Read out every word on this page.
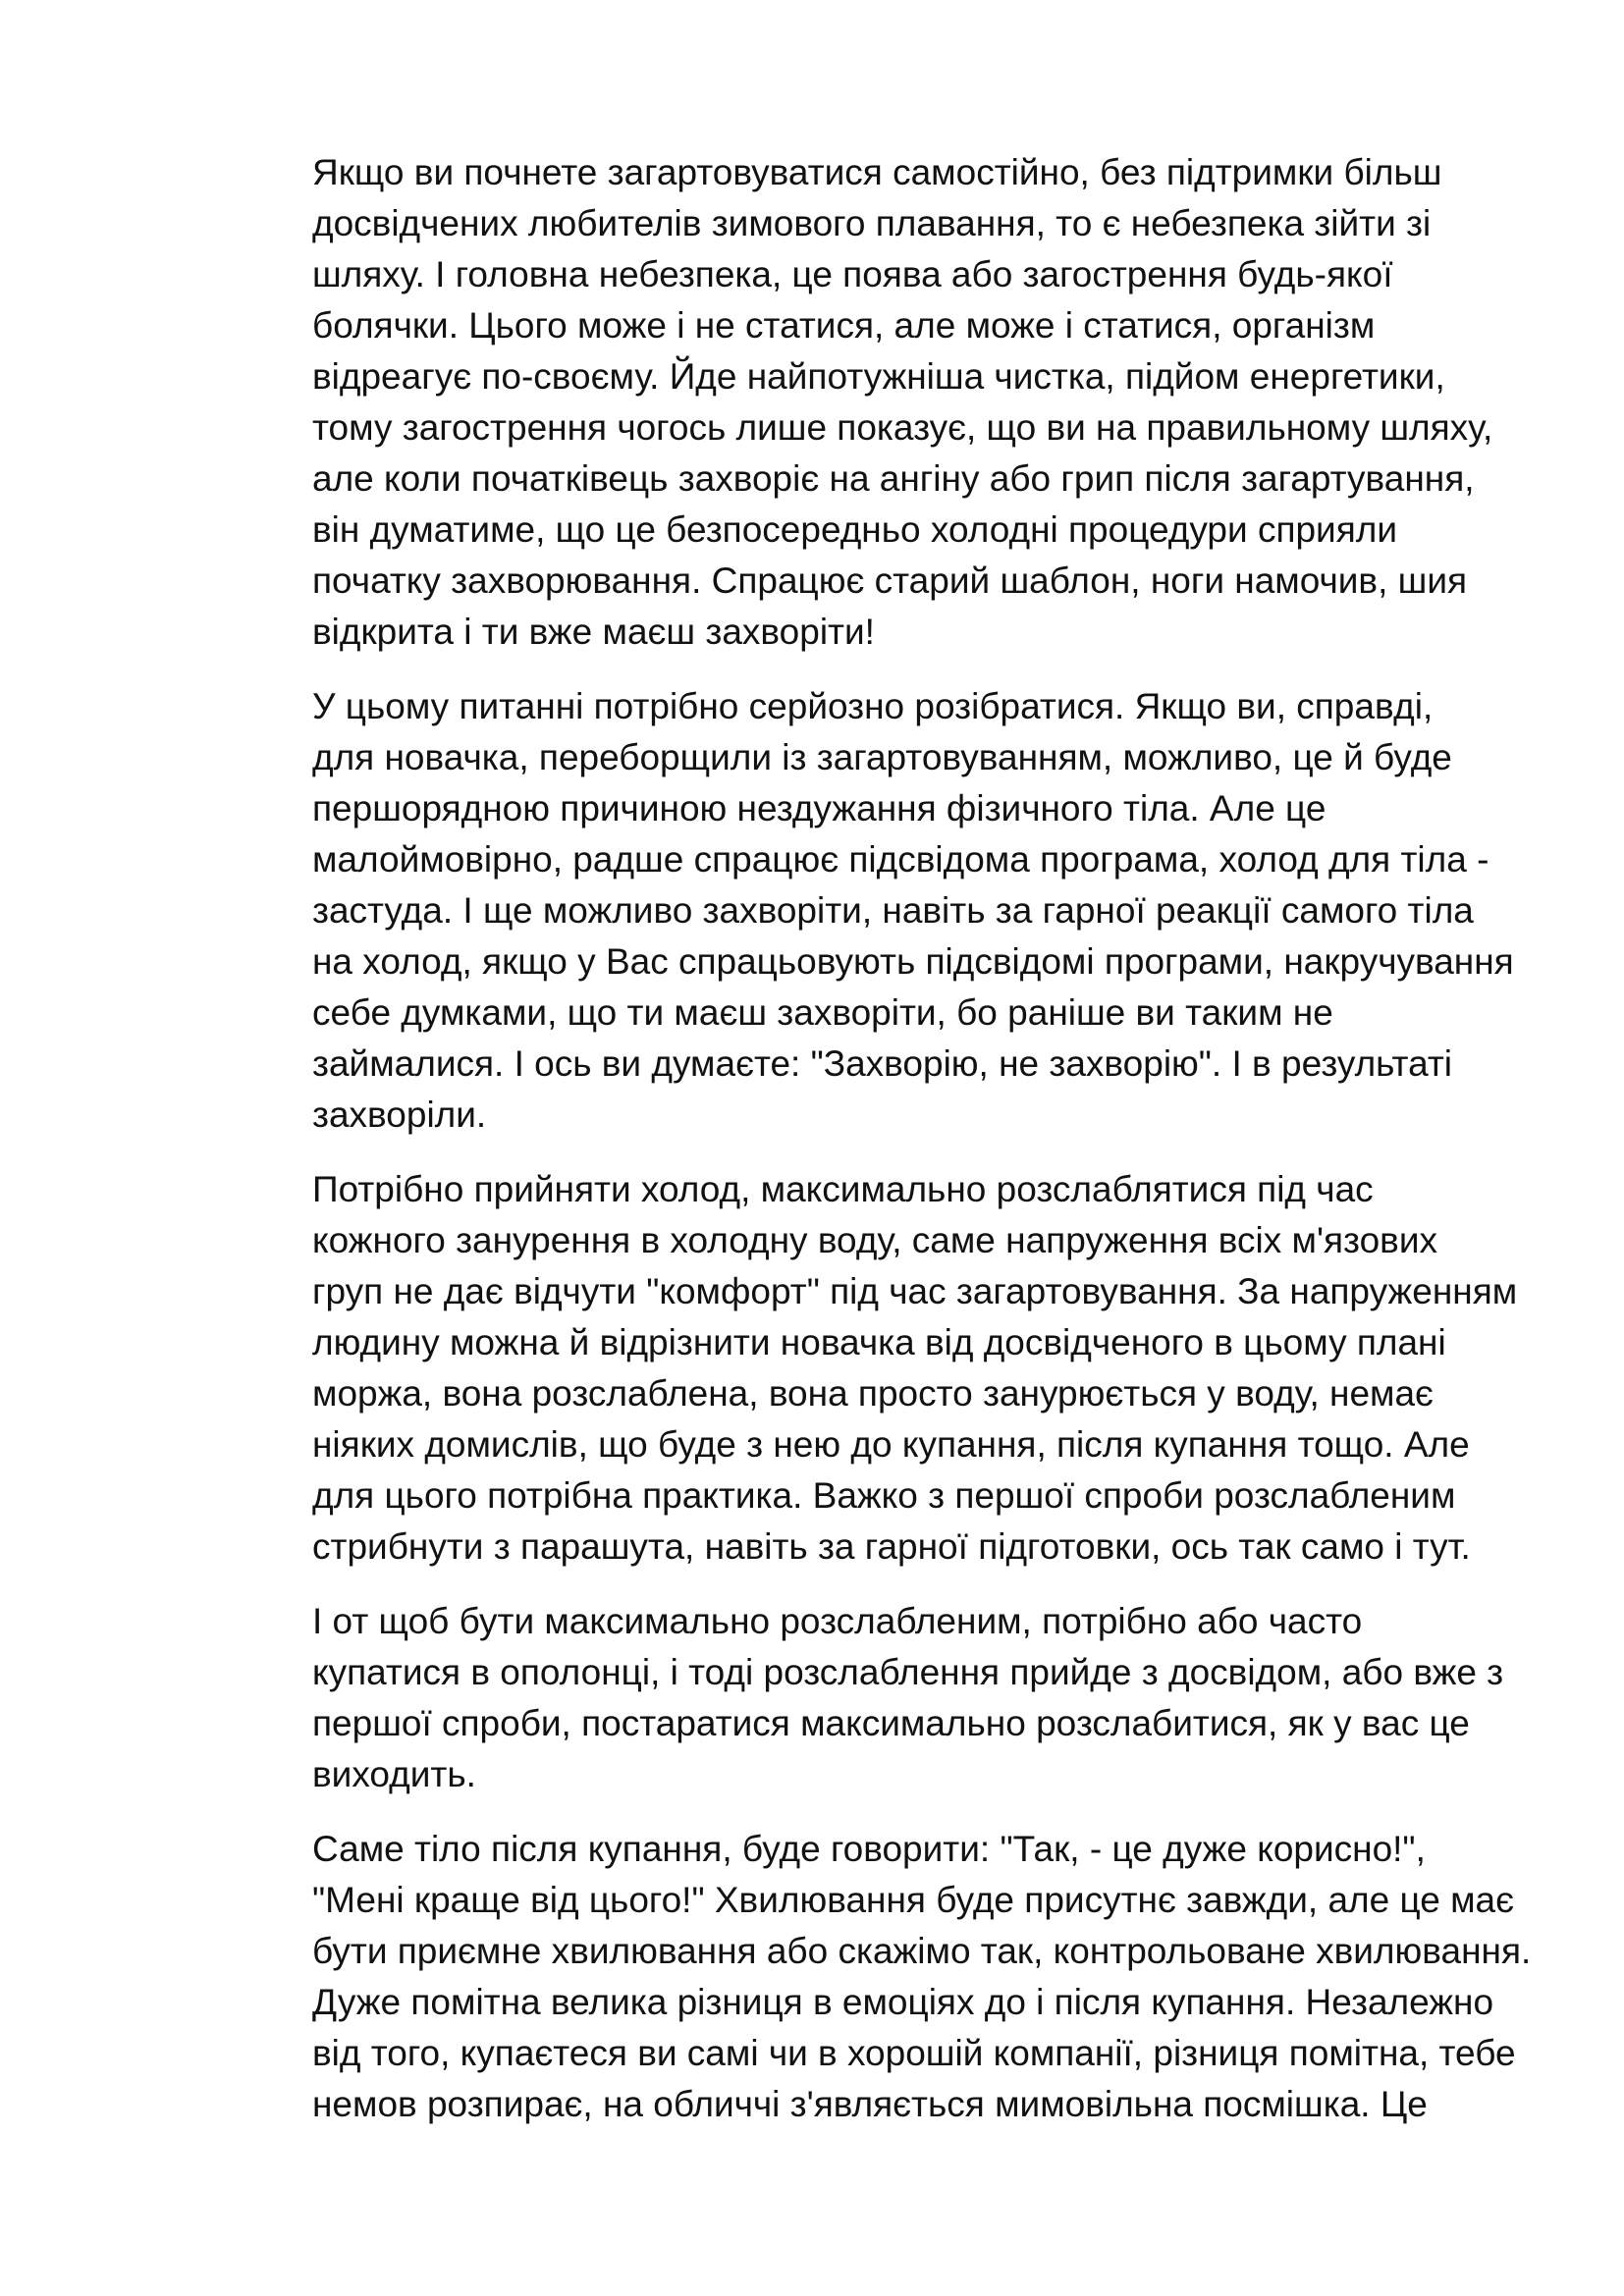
Якщо ви почнете загартовуватися самостійно, без підтримки більш
досвідчених любителів зимового плавання, то є небезпека зійти зі
шляху. І головна небезпека, це поява або загострення будь-якої
болячки. Цього може і не статися, але може і статися, організм
відреагує по-своєму. Йде найпотужніша чистка, підйом енергетики,
тому загострення чогось лише показує, що ви на правильному шляху,
але коли початківець захворіє на ангіну або грип після загартування,
він думатиме, що це безпосередньо холодні процедури сприяли
початку захворювання. Спрацює старий шаблон, ноги намочив, шия
відкрита і ти вже маєш захворіти!

У цьому питанні потрібно серйозно розібратися. Якщо ви, справді,
для новачка, переборщили із загартовуванням, можливо, це й буде
першорядною причиною нездужання фізичного тіла. Але це
малоймовірно, радше спрацює підсвідома програма, холод для тіла -
застуда. І ще можливо захворіти, навіть за гарної реакції самого тіла
на холод, якщо у Вас спрацьовують підсвідомі програми, накручування
себе думками, що ти маєш захворіти, бо раніше ви таким не
займалися. І ось ви думаєте: "Захворію, не захворію". І в результаті
захворіли.

Потрібно прийняти холод, максимально розслаблятися під час
кожного занурення в холодну воду, саме напруження всіх м'язових
груп не дає відчути "комфорт" під час загартовування. За напруженням
людину можна й відрізнити новачка від досвідченого в цьому плані
моржа, вона розслаблена, вона просто занурюється у воду, немає
ніяких домислів, що буде з нею до купання, після купання тощо. Але
для цього потрібна практика. Важко з першої спроби розслабленим
стрибнути з парашута, навіть за гарної підготовки, ось так само і тут.

І от щоб бути максимально розслабленим, потрібно або часто
купатися в ополонці, і тоді розслаблення прийде з досвідом, або вже з
першої спроби, постаратися максимально розслабитися, як у вас це
виходить.

Саме тіло після купання, буде говорити: "Так, - це дуже корисно!",
"Мені краще від цього!" Хвилювання буде присутнє завжди, але це має
бути приємне хвилювання або скажімо так, контрольоване хвилювання.
Дуже помітна велика різниця в емоціях до і після купання. Незалежно
від того, купаєтеся ви самі чи в хорошій компанії, різниця помітна, тебе
немов розпирає, на обличчі з'являється мимовільна посмішка. Це
